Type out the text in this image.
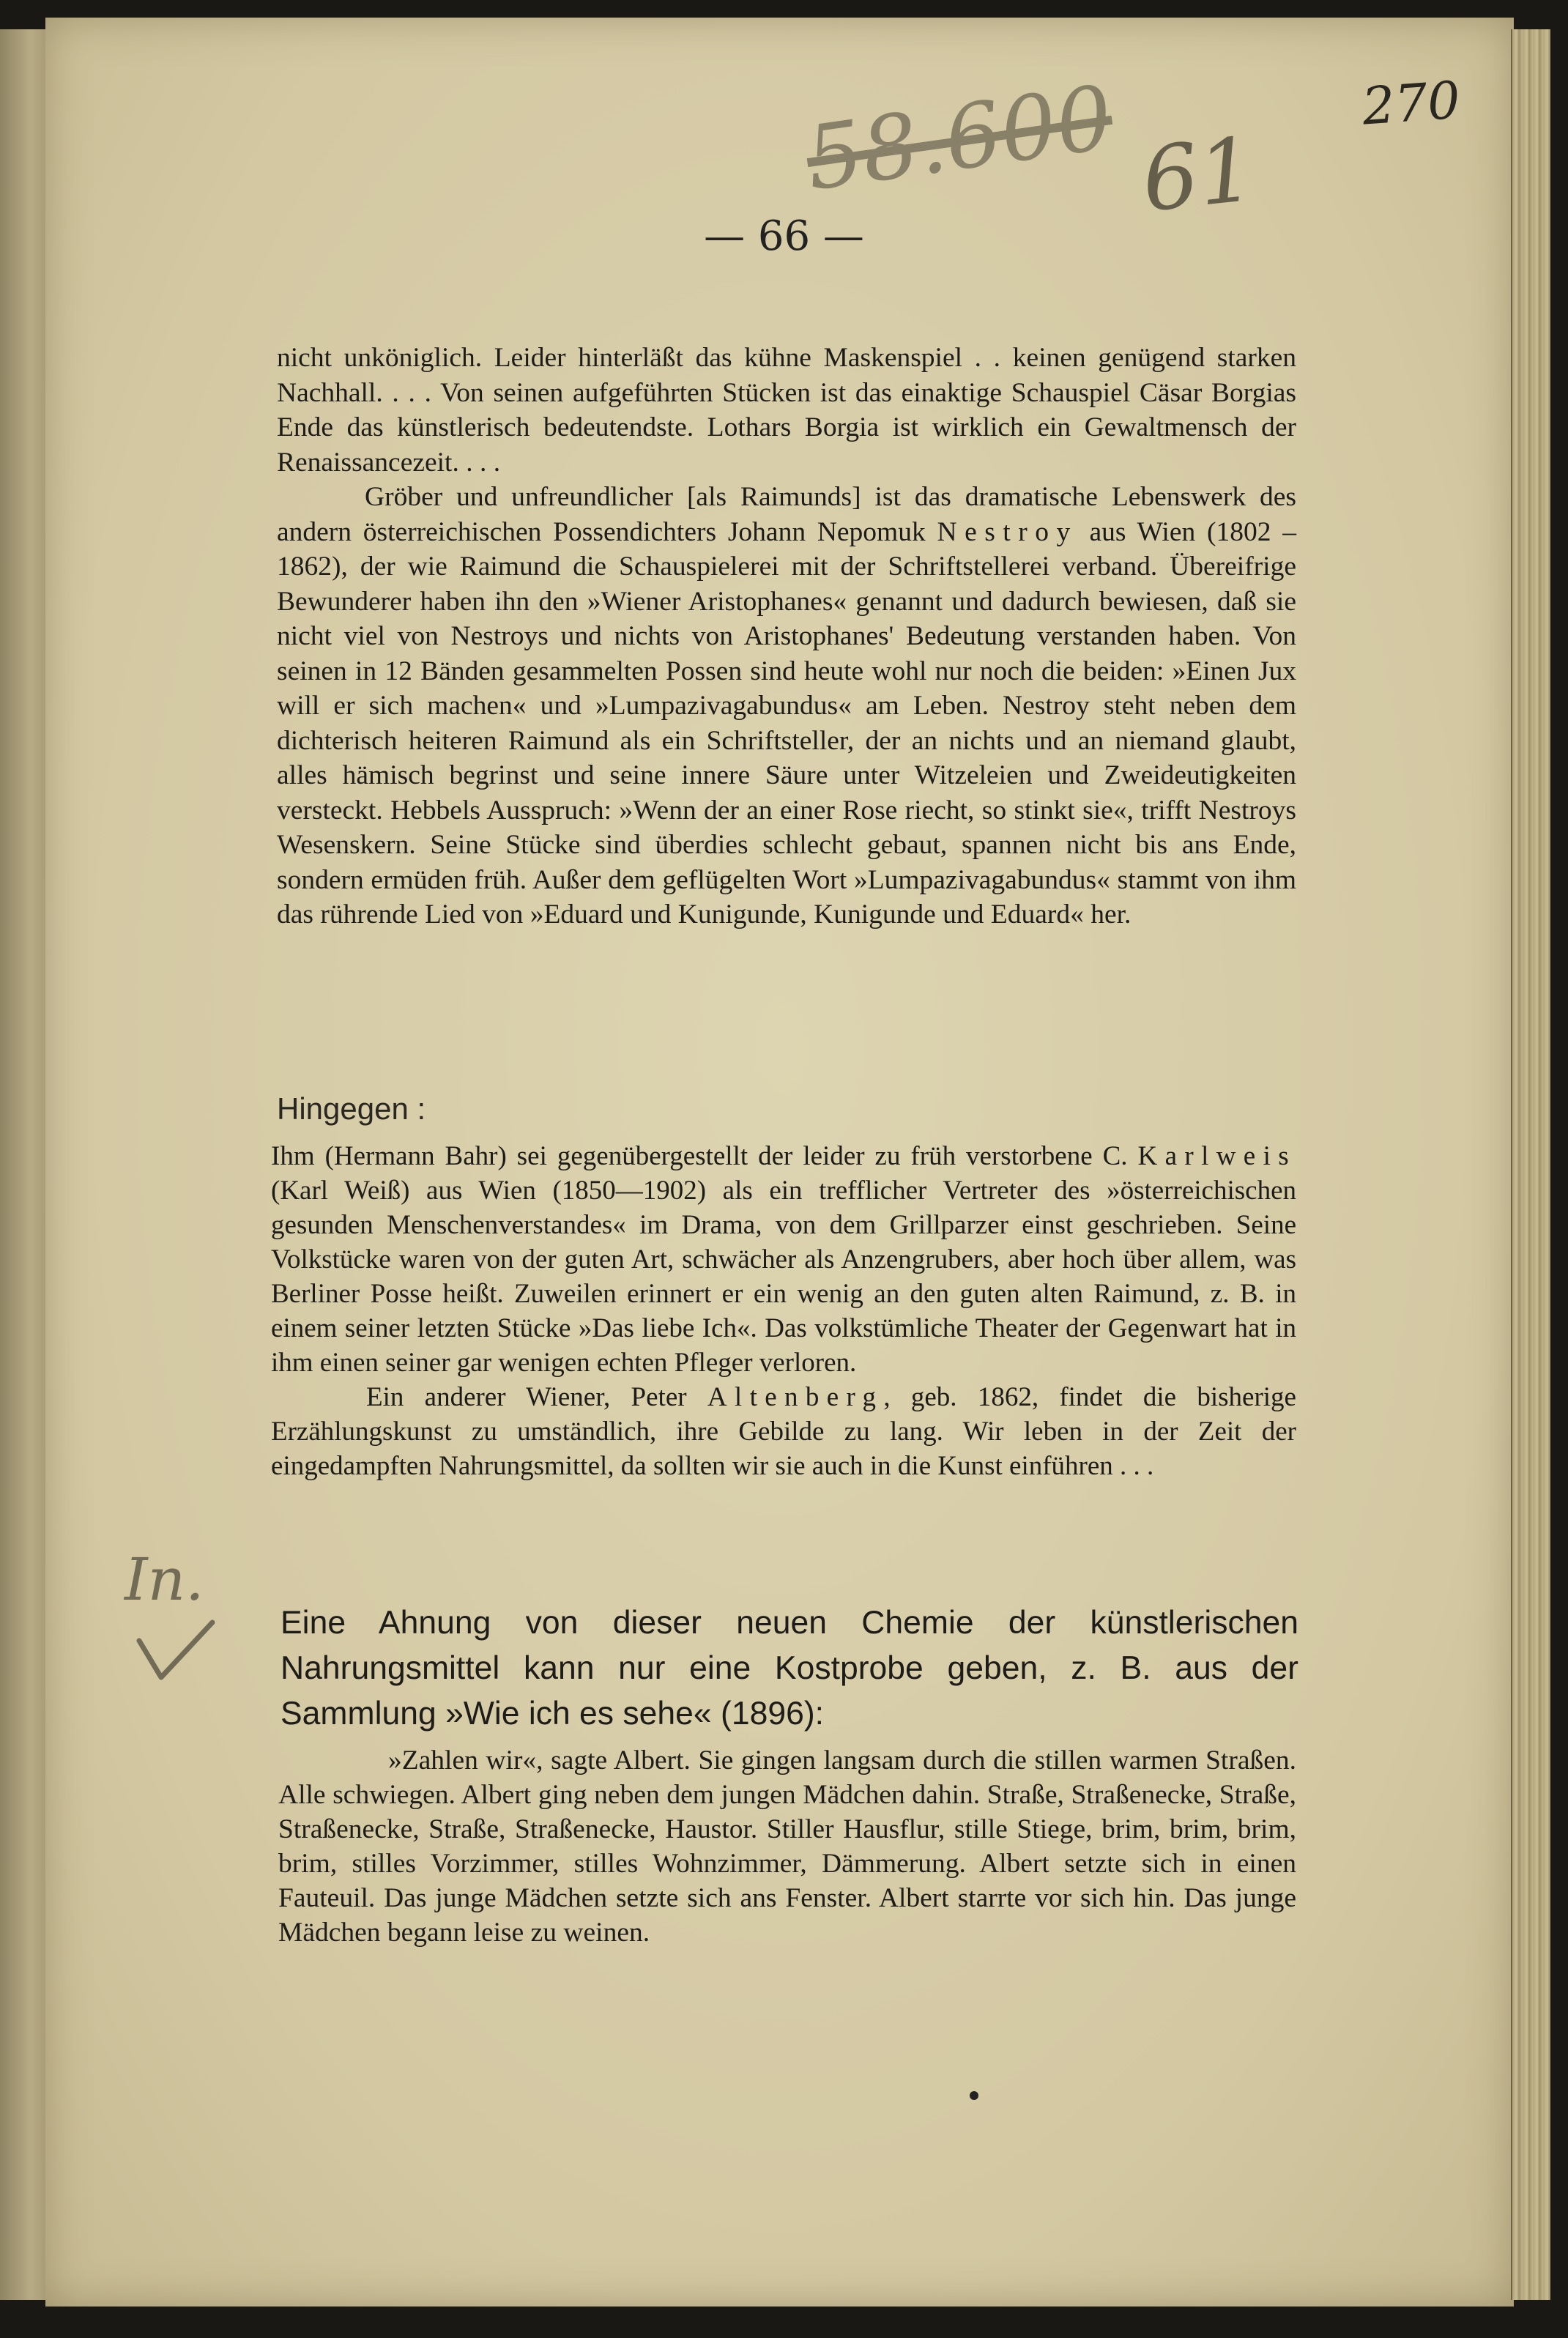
58.600 61
270
In.
— 66 —

nicht unköniglich. Leider hinterläßt das kühne Maskenspiel . . keinen genügend starken Nachhall. . . . Von seinen aufgeführten Stücken ist das einaktige Schauspiel Cäsar Borgias Ende das künstlerisch bedeutendste. Lothars Borgia ist wirklich ein Gewaltmensch der Renaissancezeit. . . .

Gröber und unfreundlicher [als Raimunds] ist das dramatische Lebenswerk des andern österreichischen Possendichters Johann Nepomuk Nestroy aus Wien (1802 – 1862), der wie Raimund die Schauspielerei mit der Schriftstellerei verband. Übereifrige Bewunderer haben ihn den »Wiener Aristophanes« genannt und dadurch bewiesen, daß sie nicht viel von Nestroys und nichts von Aristophanes' Bedeutung verstanden haben. Von seinen in 12 Bänden gesammelten Possen sind heute wohl nur noch die beiden: »Einen Jux will er sich machen« und »Lumpazivagabundus« am Leben. Nestroy steht neben dem dichterisch heiteren Raimund als ein Schriftsteller, der an nichts und an niemand glaubt, alles hämisch begrinst und seine innere Säure unter Witzeleien und Zweideutigkeiten versteckt. Hebbels Ausspruch: »Wenn der an einer Rose riecht, so stinkt sie«, trifft Nestroys Wesenskern. Seine Stücke sind überdies schlecht gebaut, spannen nicht bis ans Ende, sondern ermüden früh. Außer dem geflügelten Wort »Lumpazivagabundus« stammt von ihm das rührende Lied von »Eduard und Kunigunde, Kunigunde und Eduard« her.

Hingegen :

Ihm (Hermann Bahr) sei gegenübergestellt der leider zu früh verstorbene C. Karlweis (Karl Weiß) aus Wien (1850—1902) als ein trefflicher Vertreter des »österreichischen gesunden Menschenverstandes« im Drama, von dem Grillparzer einst geschrieben. Seine Volkstücke waren von der guten Art, schwächer als Anzengrubers, aber hoch über allem, was Berliner Posse heißt. Zuweilen erinnert er ein wenig an den guten alten Raimund, z. B. in einem seiner letzten Stücke »Das liebe Ich«. Das volkstümliche Theater der Gegenwart hat in ihm einen seiner gar wenigen echten Pfleger verloren.

Ein anderer Wiener, Peter Altenberg, geb. 1862, findet die bisherige Erzählungskunst zu umständlich, ihre Gebilde zu lang. Wir leben in der Zeit der eingedampften Nahrungsmittel, da sollten wir sie auch in die Kunst einführen . . .

Eine Ahnung von dieser neuen Chemie der künstlerischen Nahrungsmittel kann nur eine Kostprobe geben, z. B. aus der Sammlung »Wie ich es sehe« (1896):

»Zahlen wir«, sagte Albert. Sie gingen langsam durch die stillen warmen Straßen. Alle schwiegen. Albert ging neben dem jungen Mädchen dahin. Straße, Straßenecke, Straße, Straßenecke, Straße, Straßenecke, Haustor. Stiller Hausflur, stille Stiege, brim, brim, brim, brim, stilles Vorzimmer, stilles Wohnzimmer, Dämmerung. Albert setzte sich in einen Fauteuil. Das junge Mädchen setzte sich ans Fenster. Albert starrte vor sich hin. Das junge Mädchen begann leise zu weinen.
